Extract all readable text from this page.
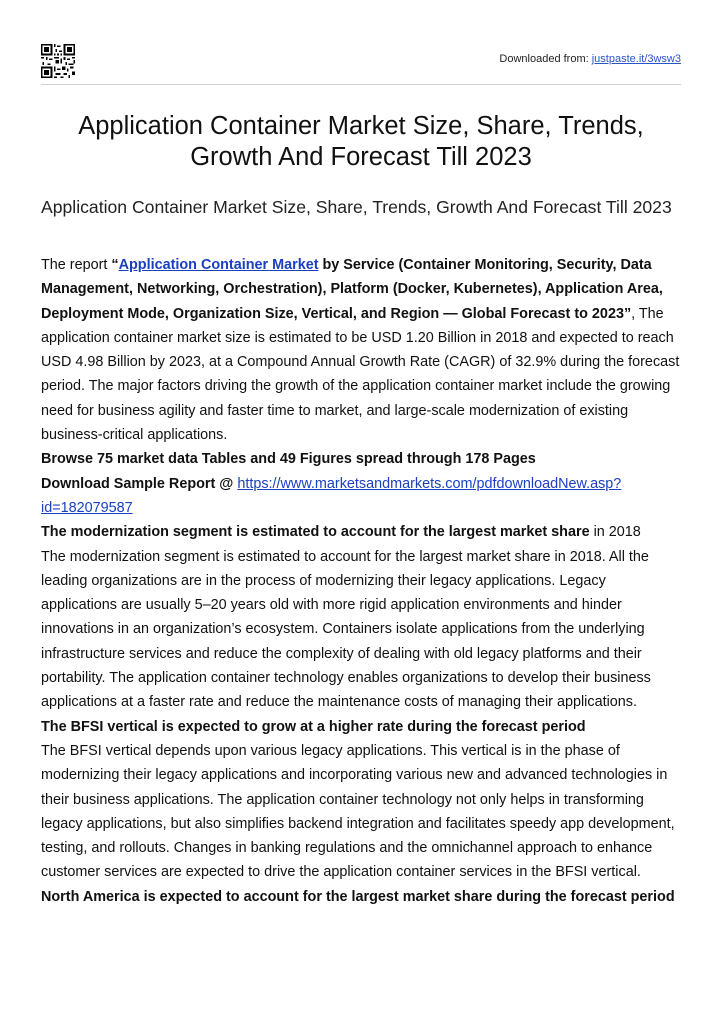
Downloaded from: justpaste.it/3wsw3
Application Container Market Size, Share, Trends, Growth And Forecast Till 2023
Application Container Market Size, Share, Trends, Growth And Forecast Till 2023

The report “Application Container Market by Service (Container Monitoring, Security, Data Management, Networking, Orchestration), Platform (Docker, Kubernetes), Application Area, Deployment Mode, Organization Size, Vertical, and Region — Global Forecast to 2023”, The application container market size is estimated to be USD 1.20 Billion in 2018 and expected to reach USD 4.98 Billion by 2023, at a Compound Annual Growth Rate (CAGR) of 32.9% during the forecast period. The major factors driving the growth of the application container market include the growing need for business agility and faster time to market, and large-scale modernization of existing business-critical applications.

Browse 75 market data Tables and 49 Figures spread through 178 Pages

Download Sample Report @ https://www.marketsandmarkets.com/pdfdownloadNew.asp?id=182079587

The modernization segment is estimated to account for the largest market share in 2018

The modernization segment is estimated to account for the largest market share in 2018. All the leading organizations are in the process of modernizing their legacy applications. Legacy applications are usually 5–20 years old with more rigid application environments and hinder innovations in an organization’s ecosystem. Containers isolate applications from the underlying infrastructure services and reduce the complexity of dealing with old legacy platforms and their portability. The application container technology enables organizations to develop their business applications at a faster rate and reduce the maintenance costs of managing their applications.

The BFSI vertical is expected to grow at a higher rate during the forecast period

The BFSI vertical depends upon various legacy applications. This vertical is in the phase of modernizing their legacy applications and incorporating various new and advanced technologies in their business applications. The application container technology not only helps in transforming legacy applications, but also simplifies backend integration and facilitates speedy app development, testing, and rollouts. Changes in banking regulations and the omnichannel approach to enhance customer services are expected to drive the application container services in the BFSI vertical.

North America is expected to account for the largest market share during the forecast period
